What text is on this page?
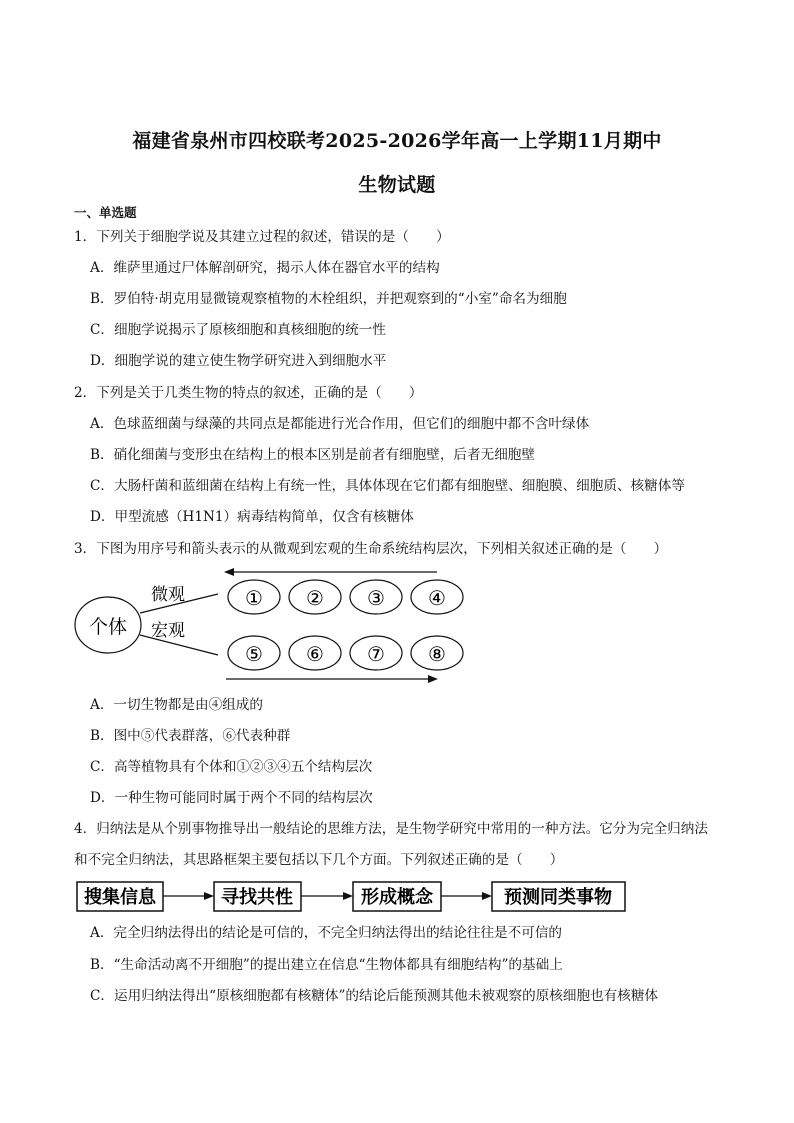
福建省泉州市四校联考2025-2026学年高一上学期11月期中
生物试题
一、单选题
1．下列关于细胞学说及其建立过程的叙述，错误的是（　　）
A．维萨里通过尸体解剖研究，揭示人体在器官水平的结构
B．罗伯特·胡克用显微镜观察植物的木栓组织，并把观察到的“小室”命名为细胞
C．细胞学说揭示了原核细胞和真核细胞的统一性
D．细胞学说的建立使生物学研究进入到细胞水平
2．下列是关于几类生物的特点的叙述，正确的是（　　）
A．色球蓝细菌与绿藻的共同点是都能进行光合作用，但它们的细胞中都不含叶绿体
B．硝化细菌与变形虫在结构上的根本区别是前者有细胞壁，后者无细胞壁
C．大肠杆菌和蓝细菌在结构上有统一性，具体体现在它们都有细胞壁、细胞膜、细胞质、核糖体等
D．甲型流感（H1N1）病毒结构简单，仅含有核糖体
3．下图为用序号和箭头表示的从微观到宏观的生命系统结构层次，下列相关叙述正确的是（　　）
个体
微观
宏观
① ② ③ ④
⑤ ⑥ ⑦ ⑧
搜集信息	寻找共性	形成概念	预测同类事物
A．一切生物都是由④组成的
B．图中⑤代表群落，⑥代表种群
C．高等植物具有个体和①②③④五个结构层次
D．一种生物可能同时属于两个不同的结构层次
4．归纳法是从个别事物推导出一般结论的思维方法，是生物学研究中常用的一种方法。它分为完全归纳法
和不完全归纳法，其思路框架主要包括以下几个方面。下列叙述正确的是（　　）
A．完全归纳法得出的结论是可信的，不完全归纳法得出的结论往往是不可信的
B．“生命活动离不开细胞”的提出建立在信息“生物体都具有细胞结构”的基础上
C．运用归纳法得出“原核细胞都有核糖体”的结论后能预测其他未被观察的原核细胞也有核糖体
